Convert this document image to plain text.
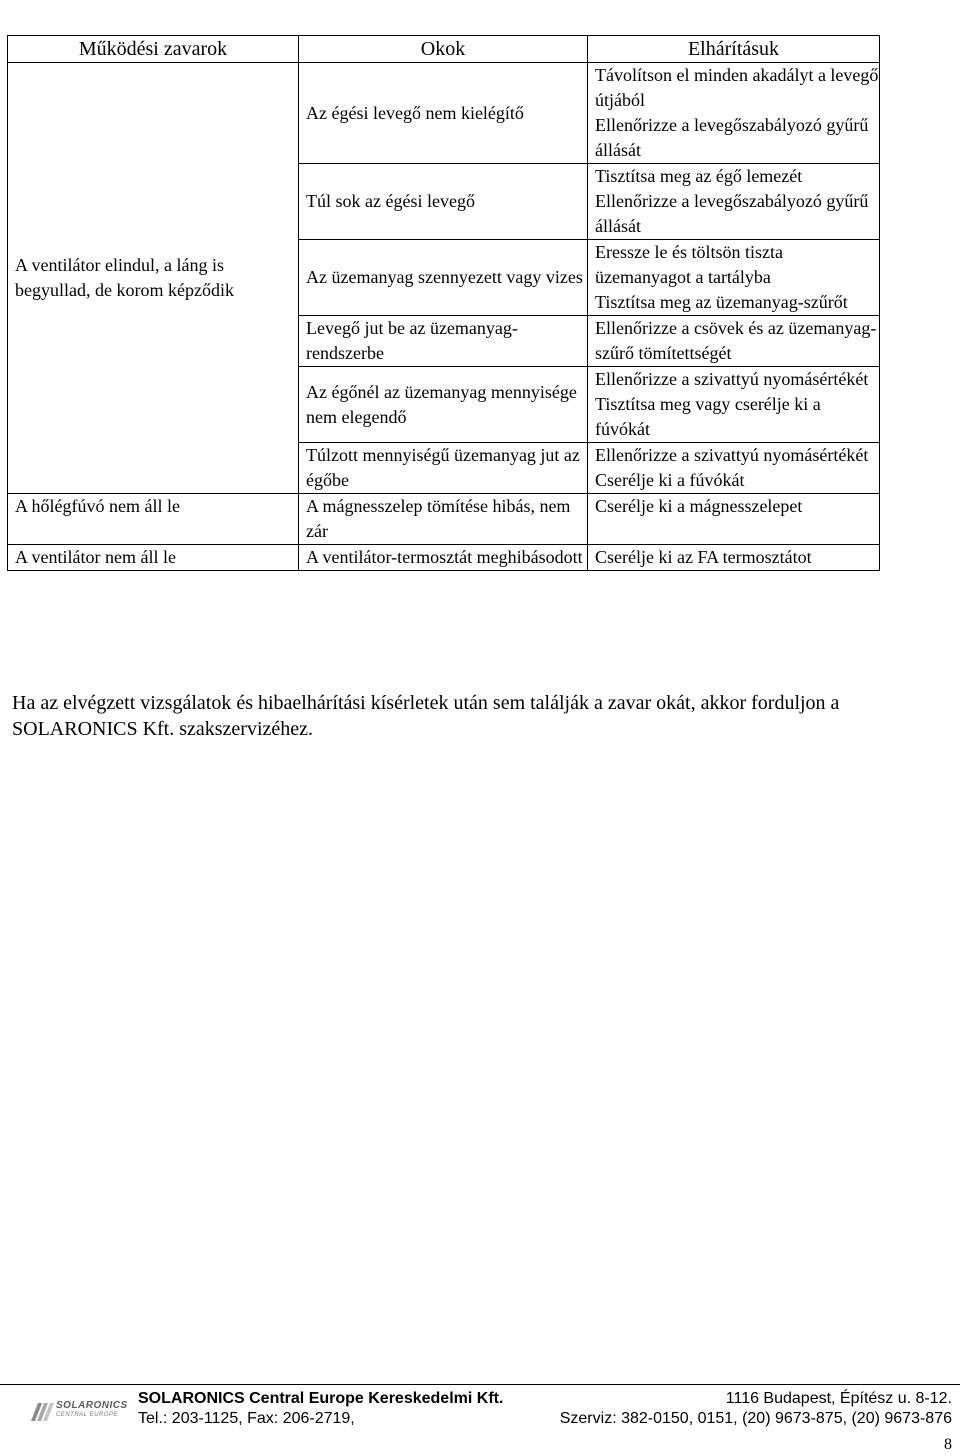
Működési zavarok	Okok	Elhárításuk
A ventilátor elindul, a láng is begyullad, de korom képződik	Az égési levegő nem kielégítő	Távolítson el minden akadályt a levegő útjából
Ellenőrizze a levegőszabályozó gyűrű állását

	Túl sok az égési levegő	Tisztítsa meg az égő lemezét
Ellenőrizze a levegőszabályozó gyűrű állását

	Az üzemanyag szennyezett vagy vizes	Eressze le és töltsön tiszta üzemanyagot a tartályba
Tisztítsa meg az üzemanyag-szűrőt

	Levegő jut be az üzemanyag-rendszerbe	Ellenőrizze a csövek és az üzemanyag-szűrő tömítettségét

	Az égőnél az üzemanyag mennyisége nem elegendő	Ellenőrizze a szivattyú nyomásértékét
Tisztítsa meg vagy cserélje ki a fúvókát

	Túlzott mennyiségű üzemanyag jut az égőbe	Ellenőrizze a szivattyú nyomásértékét
Cserélje ki a fúvókát

A hőlégfúvó nem áll le	A mágnesszelep tömítése hibás, nem zár	Cserélje ki a mágnesszelepet

A ventilátor nem áll le	A ventilátor-termosztát meghibásodott	Cserélje ki az FA termosztátot
Ha az elvégzett vizsgálatok és hibaelhárítási kísérletek után sem találják a zavar okát, akkor forduljon a SOLARONICS Kft. szakszervizéhez.
SOLARONICS
CENTRAL EUROPE
SOLARONICS Central Europe Kereskedelmi Kft.	1116 Budapest, Építész u. 8-12.
Tel.: 203-1125, Fax: 206-2719,	Szerviz: 382-0150, 0151, (20) 9673-875, (20) 9673-876
8
